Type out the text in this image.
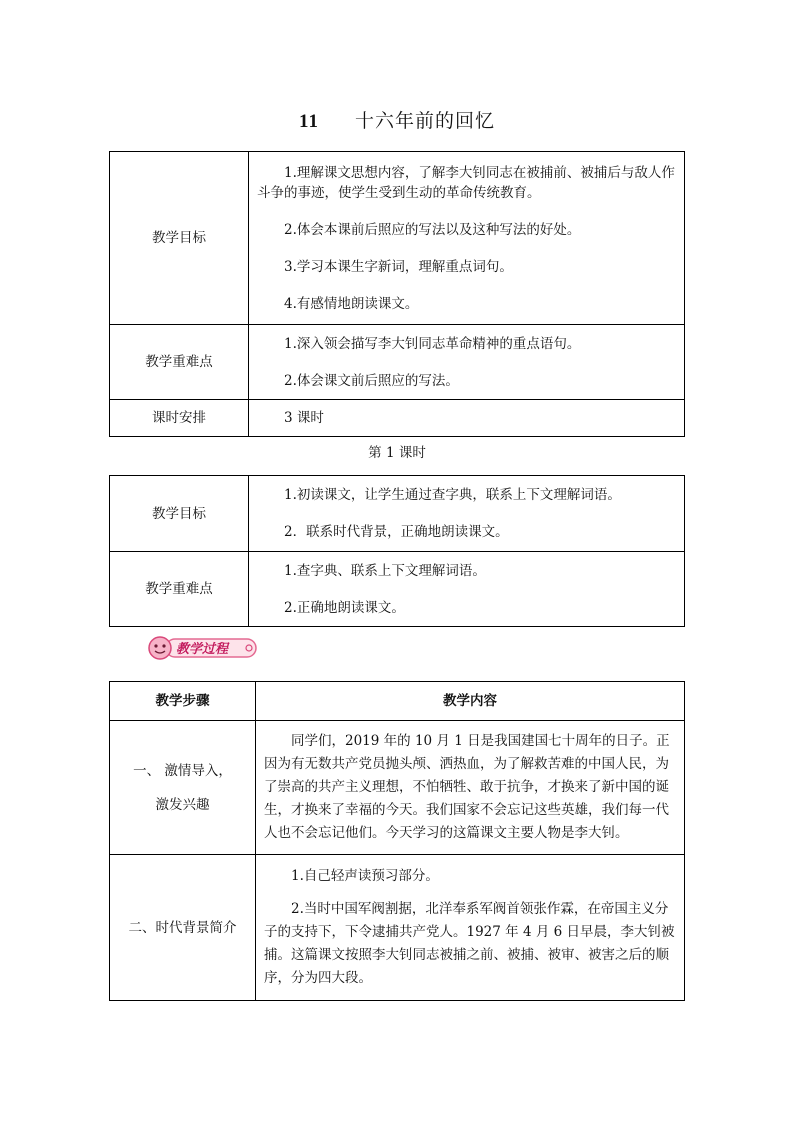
11 十六年前的回忆
教学目标	1.理解课文思想内容，了解李大钊同志在被捕前、被捕后与敌人作斗争的事迹，使学生受到生动的革命传统教育。

2.体会本课前后照应的写法以及这种写法的好处。

3.学习本课生字新词，理解重点词句。

4.有感情地朗读课文。

教学重难点	1.深入领会描写李大钊同志革命精神的重点语句。

2.体会课文前后照应的写法。

课时安排	3 课时

第 1 课时
教学目标	1.初读课文，让学生通过查字典，联系上下文理解词语。

2．联系时代背景，正确地朗读课文。

教学重难点	1.查字典、联系上下文理解词语。

2.正确地朗读课文。

教学过程
教学步骤	教学内容

一、 激情导入，
激发兴趣	同学们，2019 年的 10 月 1 日是我国建国七十周年的日子。正因为有无数共产党员抛头颅、洒热血，为了解救苦难的中国人民，为了崇高的共产主义理想，不怕牺牲、敢于抗争，才换来了新中国的诞生，才换来了幸福的今天。我们国家不会忘记这些英雄，我们每一代人也不会忘记他们。今天学习的这篇课文主要人物是李大钊。

二、时代背景简介	1.自己轻声读预习部分。

2.当时中国军阀割据，北洋奉系军阀首领张作霖，在帝国主义分子的支持下，下令逮捕共产党人。1927 年 4 月 6 日早晨，李大钊被捕。这篇课文按照李大钊同志被捕之前、被捕、被审、被害之后的顺序，分为四大段。
